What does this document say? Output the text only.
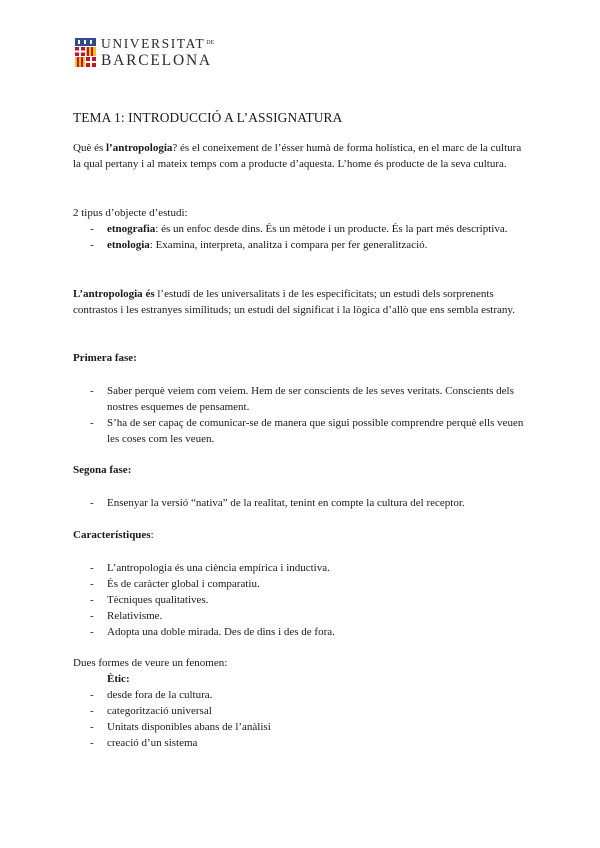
$UNIVERSITAT^{DE}$
BARCELONA
TEMA 1: INTRODUCCIÓ A L’ASSIGNATURA

Què és l’antropologia? és el coneixement de l’ésser humà de forma holística, en el marc de la cultura la qual pertany i al mateix temps com a producte d’aquesta. L’home és producte de la seva cultura.

2 tipus d’objecte d’estudi:

- etnografia: és un enfoc desde dins. És un mètode i un producte. És la part més descriptiva.
- etnologia: Examina, interpreta, analitza i compara per fer generalització.

L’antropologia és l’estudi de les universalitats i de les especificitats; un estudi dels sorprenents contrastos i les estranyes similituds; un estudi del significat i la lògica d’allò que ens sembla estrany.

Primera fase:

- Saber perquè veiem com veiem. Hem de ser conscients de les seves veritats. Conscients dels nostres esquemes de pensament.
- S’ha de ser capaç de comunicar-se de manera que sigui possible comprendre perquè ells veuen les coses com les veuen.

Segona fase:

- Ensenyar la versió “nativa” de la realitat, tenint en compte la cultura del receptor.

Característiques:

- L’antropologia és una ciència empírica i inductiva.
- És de caràcter global i comparatiu.
- Tècniques qualitatives.
- Relativisme.
- Adopta una doble mirada. Des de dins i des de fora.

Dues formes de veure un fenomen:

Ètic:

- desde fora de la cultura.
- categorització universal
- Unitats disponibles abans de l’anàlisi
- creació d’un sistema
